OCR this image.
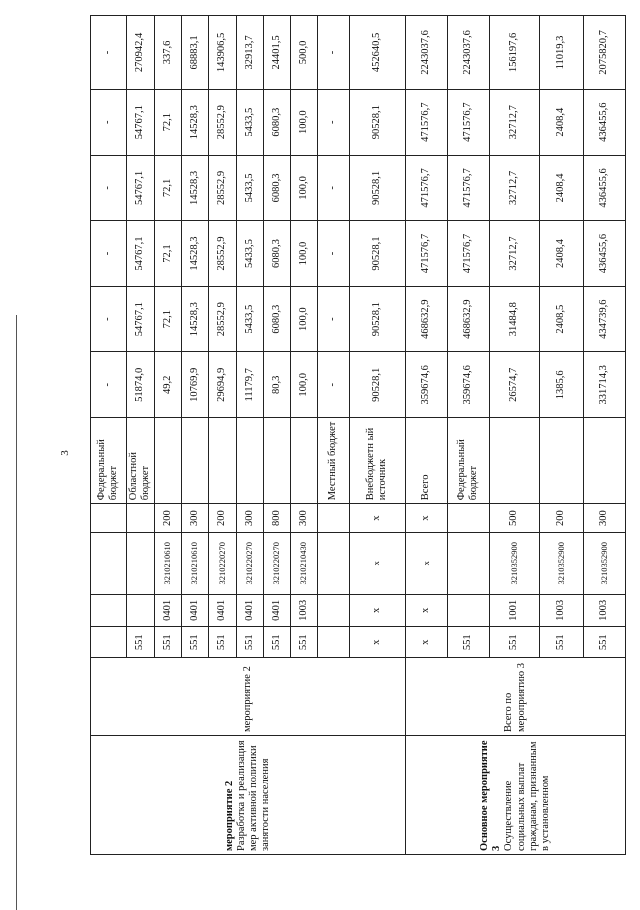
3
мероприятие 2
Разработка и реализация мер активной политики занятости населения	мероприятие 2					Федеральный бюджет	-	-	-	-	-	-
		551				Областной бюджет	51874,0	54767,1	54767,1	54767,1	54767,1	270942,4
		551	0401	3210210610	200		49,2	72,1	72,1	72,1	72,1	337,6
		551	0401	3210210610	300		10769,9	14528,3	14528,3	14528,3	14528,3	68883,1
		551	0401	3210220270	200		29694,9	28552,9	28552,9	28552,9	28552,9	143906,5
		551	0401	3210220270	300		11179,7	5433,5	5433,5	5433,5	5433,5	32913,7
		551	0401	3210220270	800		80,3	6080,3	6080,3	6080,3	6080,3	24401,5
		551	1003	3210210430	300		100,0	100,0	100,0	100,0	100,0	500,0
						Местный бюджет	-	-	-	-	-	-
		х	х	х	х	Внебюджетн ый источник	90528,1	90528,1	90528,1	90528,1	90528,1	452640,5
Основное мероприятие 3
Осуществление социальных выплат гражданам, признанным в установленном	Всего по мероприятию 3	х	х	х	х	Всего	359674,6	468632,9	471576,7	471576,7	471576,7	2243037,6
		551				Федеральный бюджет	359674,6	468632,9	471576,7	471576,7	471576,7	2243037,6
		551	1001	3210352900	500		26574,7	31484,8	32712,7	32712,7	32712,7	156197,6
		551	1003	3210352900	200		1385,6	2408,5	2408,4	2408,4	2408,4	11019,3
		551	1003	3210352900	300		331714,3	434739,6	436455,6	436455,6	436455,6	2075820,7
